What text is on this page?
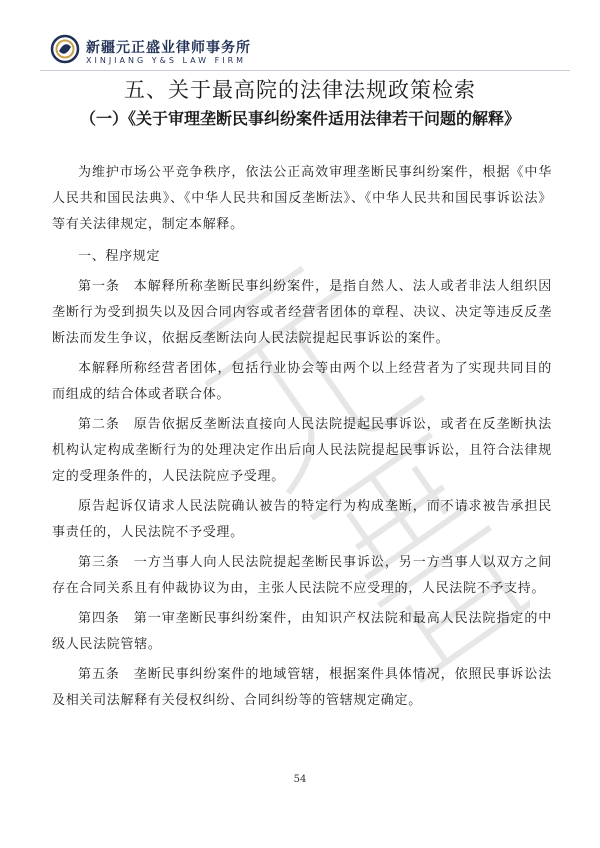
新疆元正盛业律师事务所
XINJIANG Y&S LAW FIRM
五、关于最高院的法律法规政策检索
（一）《关于审理垄断民事纠纷案件适用法律若干问题的解释》

为维护市场公平竞争秩序，依法公正高效审理垄断民事纠纷案件，根据《中华人民共和国民法典》、《中华人民共和国反垄断法》、《中华人民共和国民事诉讼法》等有关法律规定，制定本解释。

一、程序规定

第一条　本解释所称垄断民事纠纷案件，是指自然人、法人或者非法人组织因垄断行为受到损失以及因合同内容或者经营者团体的章程、决议、决定等违反反垄断法而发生争议，依据反垄断法向人民法院提起民事诉讼的案件。

本解释所称经营者团体，包括行业协会等由两个以上经营者为了实现共同目的而组成的结合体或者联合体。

第二条　原告依据反垄断法直接向人民法院提起民事诉讼，或者在反垄断执法机构认定构成垄断行为的处理决定作出后向人民法院提起民事诉讼，且符合法律规定的受理条件的，人民法院应予受理。

原告起诉仅请求人民法院确认被告的特定行为构成垄断，而不请求被告承担民事责任的，人民法院不予受理。

第三条　一方当事人向人民法院提起垄断民事诉讼，另一方当事人以双方之间存在合同关系且有仲裁协议为由，主张人民法院不应受理的，人民法院不予支持。

第四条　第一审垄断民事纠纷案件，由知识产权法院和最高人民法院指定的中级人民法院管辖。

第五条　垄断民事纠纷案件的地域管辖，根据案件具体情况，依照民事诉讼法及相关司法解释有关侵权纠纷、合同纠纷等的管辖规定确定。

54
